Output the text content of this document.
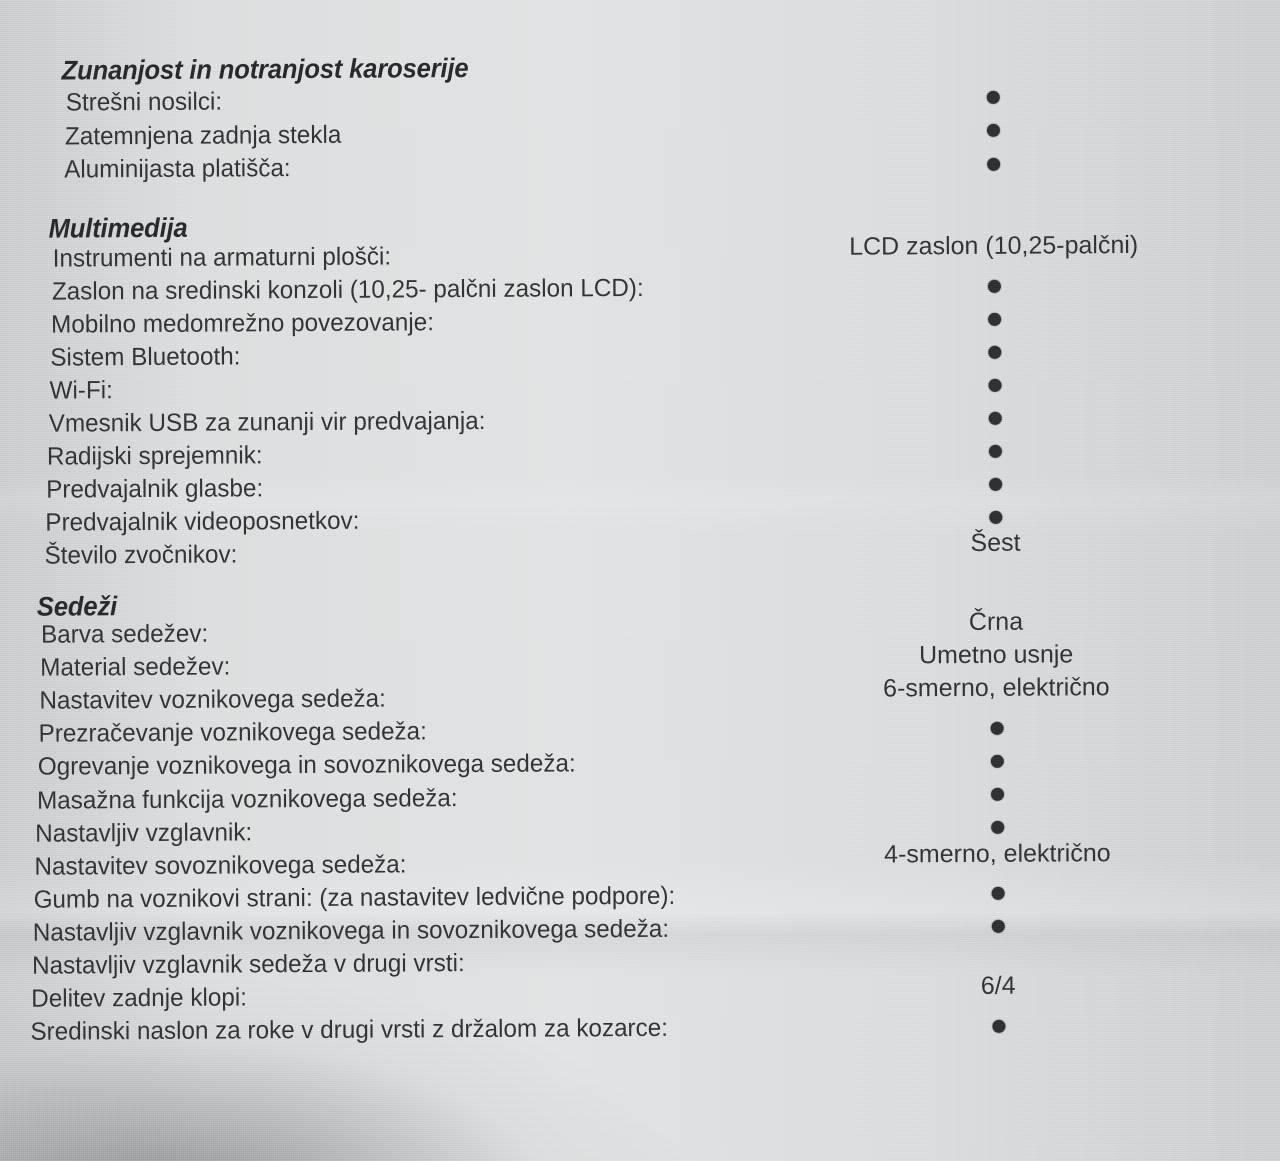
Zunanjost in notranjost karoserije
Strešni nosilci:
Zatemnjena zadnja stekla
Aluminijasta platišča:
Multimedija
Instrumenti na armaturni plošči:	LCD zaslon (10,25-palčni)
Zaslon na sredinski konzoli (10,25- palčni zaslon LCD):
Mobilno medomrežno povezovanje:
Sistem Bluetooth:
Wi-Fi:
Vmesnik USB za zunanji vir predvajanja:
Radijski sprejemnik:
Predvajalnik glasbe:
Predvajalnik videoposnetkov:
Število zvočnikov:	Šest
Sedeži
Barva sedežev:	Črna
Material sedežev:	Umetno usnje
Nastavitev voznikovega sedeža:	6-smerno, električno
Prezračevanje voznikovega sedeža:
Ogrevanje voznikovega in sovoznikovega sedeža:
Masažna funkcija voznikovega sedeža:
Nastavljiv vzglavnik:
Nastavitev sovoznikovega sedeža:	4-smerno, električno
Gumb na voznikovi strani: (za nastavitev ledvične podpore):
Nastavljiv vzglavnik voznikovega in sovoznikovega sedeža:
Nastavljiv vzglavnik sedeža v drugi vrsti:
Delitev zadnje klopi:	6/4
Sredinski naslon za roke v drugi vrsti z držalom za kozarce:
